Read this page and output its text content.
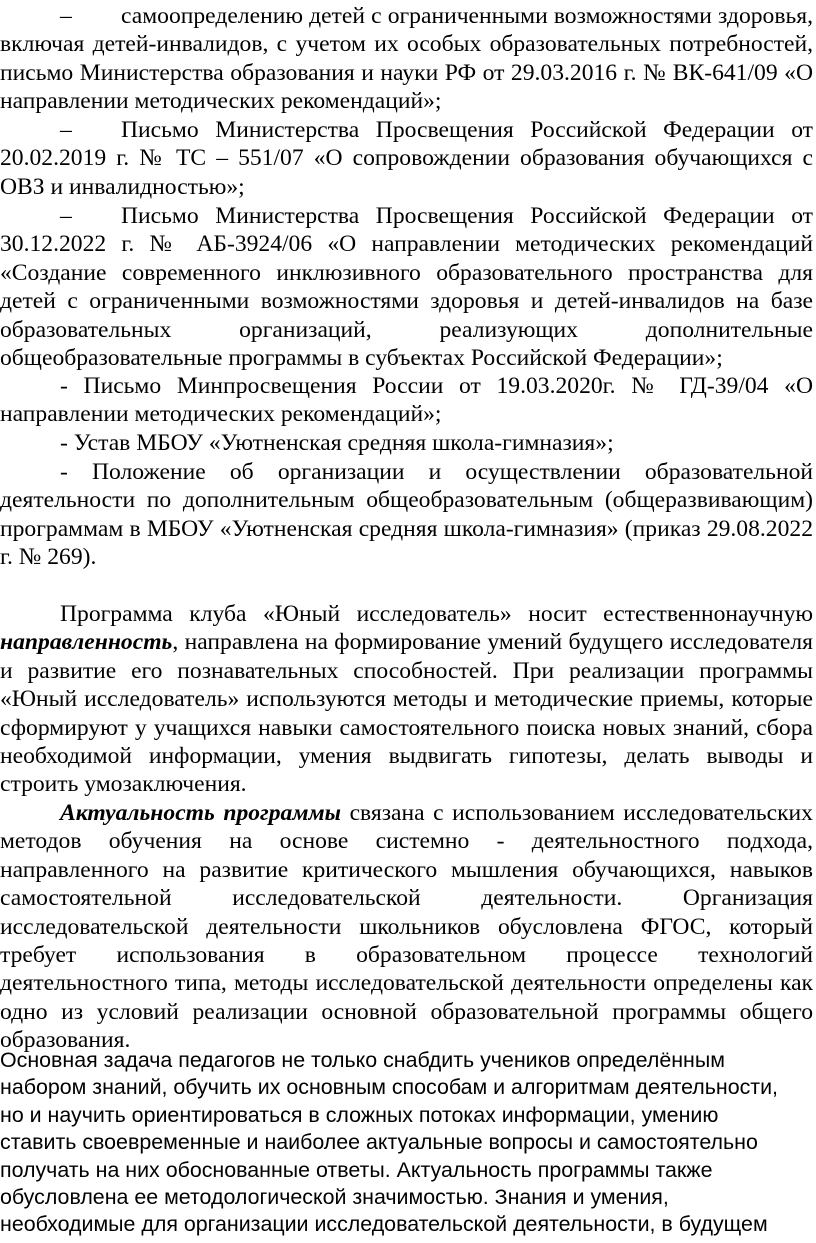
– самоопределению детей с ограниченными возможностями здоровья, включая детей-инвалидов, с учетом их особых образовательных потребностей, письмо Министерства образования и науки РФ от 29.03.2016 г. № ВК-641/09 «О направлении методических рекомендаций»;

– Письмо Министерства Просвещения Российской Федерации от 20.02.2019 г. № ТС – 551/07 «О сопровождении образования обучающихся с ОВЗ и инвалидностью»;

– Письмо Министерства Просвещения Российской Федерации от 30.12.2022 г. № АБ-3924/06 «О направлении методических рекомендаций «Создание современного инклюзивного образовательного пространства для детей с ограниченными возможностями здоровья и детей-инвалидов на базе образовательных организаций, реализующих дополнительные общеобразовательные программы в субъектах Российской Федерации»;

- Письмо Минпросвещения России от 19.03.2020г. № ГД-39/04 «О направлении методических рекомендаций»;

- Устав МБОУ «Уютненская средняя школа-гимназия»;

- Положение об организации и осуществлении образовательной деятельности по дополнительным общеобразовательным (общеразвивающим) программам в МБОУ «Уютненская средняя школа-гимназия» (приказ 29.08.2022 г. № 269).

Программа клуба «Юный исследователь» носит естественнонаучную направленность, направлена на формирование умений будущего исследователя и развитие его познавательных способностей. При реализации программы «Юный исследователь» используются методы и методические приемы, которые сформируют у учащихся навыки самостоятельного поиска новых знаний, сбора необходимой информации, умения выдвигать гипотезы, делать выводы и строить умозаключения.

Актуальность программы связана с использованием исследовательских методов обучения на основе системно - деятельностного подхода, направленного на развитие критического мышления обучающихся, навыков самостоятельной исследовательской деятельности. Организация исследовательской деятельности школьников обусловлена ФГОС, который требует использования в образовательном процессе технологий деятельностного типа, методы исследовательской деятельности определены как одно из условий реализации основной образовательной программы общего образования.

Основная задача педагогов не только снабдить учеников определённым набором знаний, обучить их основным способам и алгоритмам деятельности, но и научить ориентироваться в сложных потоках информации, умению ставить своевременные и наиболее актуальные вопросы и самостоятельно получать на них обоснованные ответы. Актуальность программы также обусловлена ее методологической значимостью. Знания и умения, необходимые для организации исследовательской деятельности, в будущем
